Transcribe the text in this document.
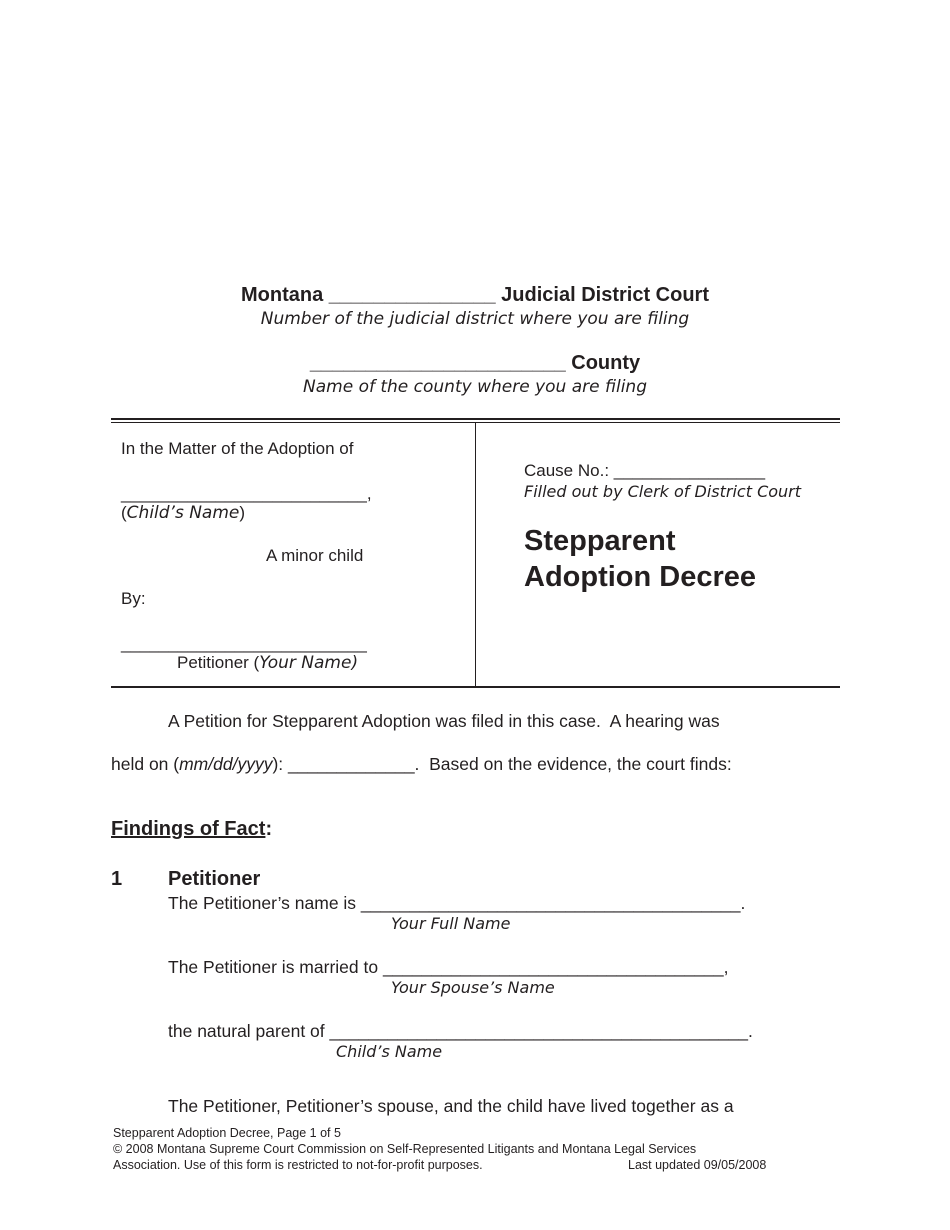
Montana _______________ Judicial District Court
Number of the judicial district where you are filing
_______________________ County
Name of the county where you are filing
In the Matter of the Adoption of
__________________________,
(Child’s Name)
A minor child
By:
__________________________
Petitioner (Your Name)
Cause No.: ________________
Filled out by Clerk of District Court
Stepparent
Adoption Decree
A Petition for Stepparent Adoption was filed in this case.  A hearing was
held on (mm/dd/yyyy): _____________.  Based on the evidence, the court finds:
Findings of Fact:
1 Petitioner
The Petitioner’s name is _______________________________________.
Your Full Name
The Petitioner is married to ___________________________________,
Your Spouse’s Name
the natural parent of ___________________________________________.
Child’s Name
The Petitioner, Petitioner’s spouse, and the child have lived together as a
Stepparent Adoption Decree, Page 1 of 5
© 2008 Montana Supreme Court Commission on Self-Represented Litigants and Montana Legal Services
Association. Use of this form is restricted to not-for-profit purposes.	Last updated 09/05/2008
